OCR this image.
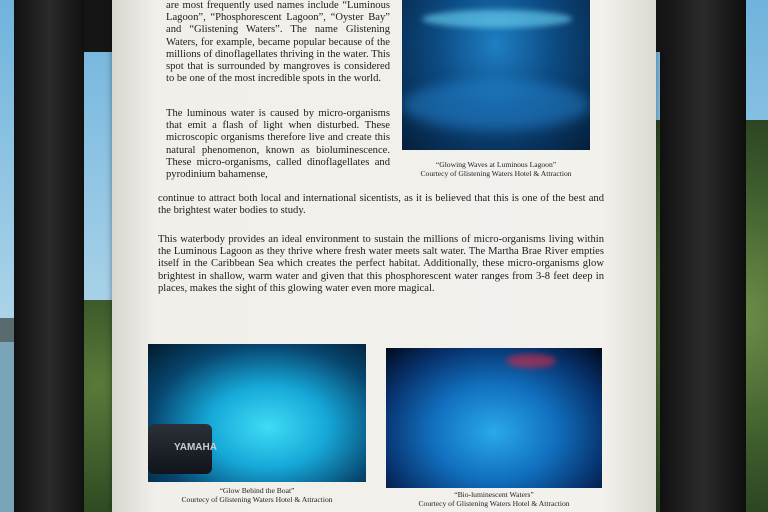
are most frequently used names include “Luminous Lagoon”, “Phosphorescent Lagoon”, “Oyster Bay” and “Glistening Waters”. The name Glistening Waters, for example, became popular because of the millions of dinoflagellates thriving in the water. This spot that is surrounded by mangroves is considered to be one of the most incredible spots in the world.
The luminous water is caused by micro-organisms that emit a flash of light when disturbed. These microscopic organisms therefore live and create this natural phenomenon, known as bioluminescence. These micro-organisms, called dinoflagellates and pyrodinium bahamense,
continue to attract both local and international sicentists, as it is believed that this is one of the best and the brightest water bodies to study.
This waterbody provides an ideal environment to sustain the millions of micro-organisms living within the Luminous Lagoon as they thrive where fresh water meets salt water. The Martha Brae River empties itself in the Caribbean Sea which creates the perfect habitat. Additionally, these micro-organisms glow brightest in shallow, warm water and given that this phosphorescent water ranges from 3-8 feet deep in places, makes the sight of this glowing water even more magical.
“Glowing Waves at Luminous Lagoon”
Courtecy of Glistening Waters Hotel & Attraction
YAMAHA
“Glow Behind the Boat”
Courtecy of Glistening Waters Hotel & Attraction
“Bio-luminescent Waters”
Courtecy of Glistening Waters Hotel & Attraction
